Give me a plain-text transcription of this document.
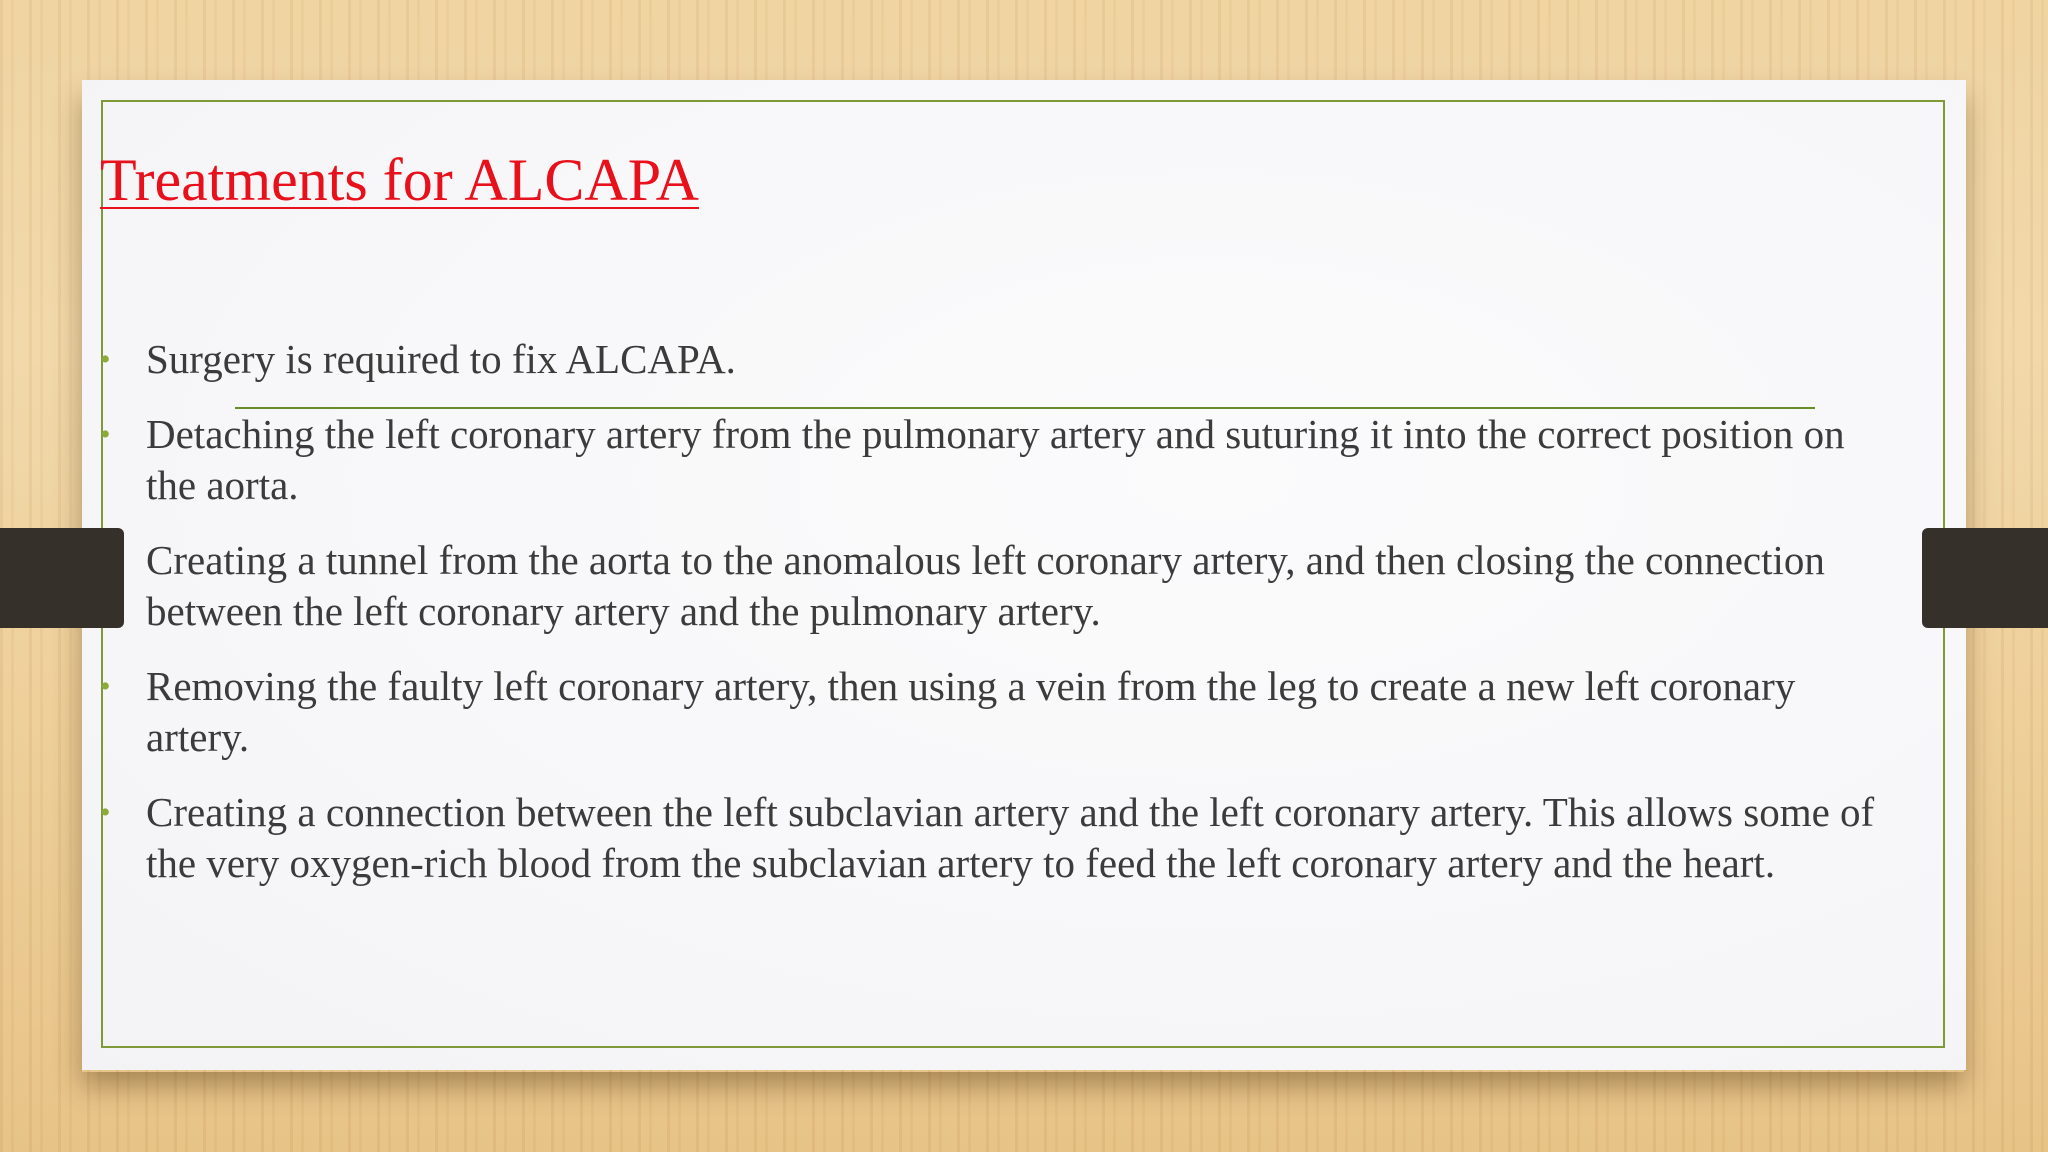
Treatments for ALCAPA
• Surgery is required to fix ALCAPA.
• Detaching the left coronary artery from the pulmonary artery and suturing it into the correct position on the aorta.
Creating a tunnel from the aorta to the anomalous left coronary artery, and then closing the connection between the left coronary artery and the pulmonary artery.
• Removing the faulty left coronary artery, then using a vein from the leg to create a new left coronary artery.
• Creating a connection between the left subclavian artery and the left coronary artery. This allows some of the very oxygen-rich blood from the subclavian artery to feed the left coronary artery and the heart.
